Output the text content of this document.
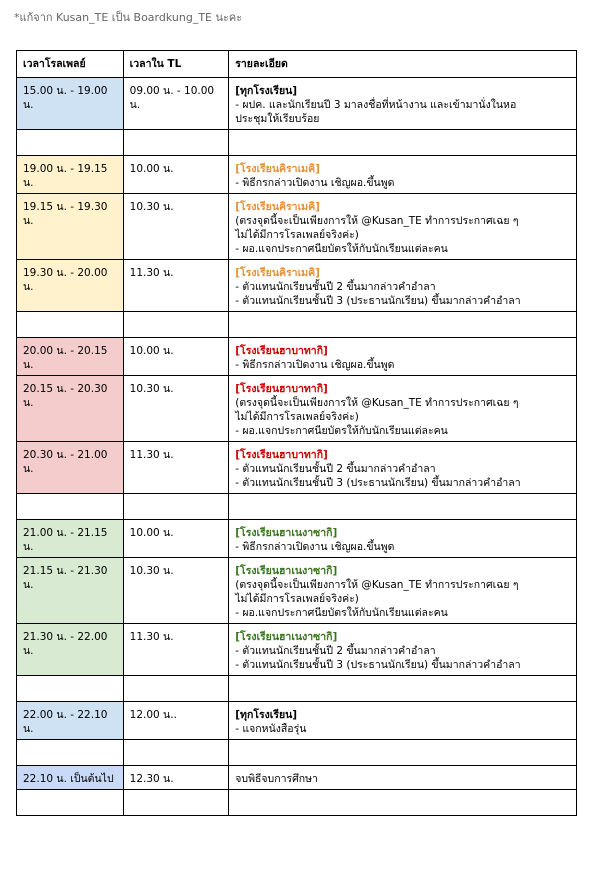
*แก้จาก Kusan_TE เป็น Boardkung_TE นะคะ
เวลาโรลเพลย์	เวลาใน TL	รายละเอียด
15.00 น. - 19.00 น.	09.00 น. - 10.00 น.	[ทุกโรงเรียน]
- ผปค. และนักเรียนปี 3 มาลงชื่อที่หน้างาน และเข้ามานั่งในหอ
ประชุมให้เรียบร้อย

19.00 น. - 19.15 น.	10.00 น.	[โรงเรียนคิราเมคิ]
- พิธีกรกล่าวเปิดงาน เชิญผอ.ขึ้นพูด

19.15 น. - 19.30 น.	10.30 น.	[โรงเรียนคิราเมคิ]
(ตรงจุดนี้จะเป็นเพียงการให้ @Kusan_TE ทำการประกาศเฉย ๆ
ไม่ได้มีการโรลเพลย์จริงค่ะ)
- ผอ.แจกประกาศนียบัตรให้กับนักเรียนแต่ละคน

19.30 น. - 20.00 น.	11.30 น.	[โรงเรียนคิราเมคิ]
- ตัวแทนนักเรียนชั้นปี 2 ขึ้นมากล่าวคำอำลา
- ตัวแทนนักเรียนชั้นปี 3 (ประธานนักเรียน) ขึ้นมากล่าวคำอำลา

20.00 น. - 20.15 น.	10.00 น.	[โรงเรียนฮาบาทากิ]
- พิธีกรกล่าวเปิดงาน เชิญผอ.ขึ้นพูด

20.15 น. - 20.30 น.	10.30 น.	[โรงเรียนฮาบาทากิ]
(ตรงจุดนี้จะเป็นเพียงการให้ @Kusan_TE ทำการประกาศเฉย ๆ
ไม่ได้มีการโรลเพลย์จริงค่ะ)
- ผอ.แจกประกาศนียบัตรให้กับนักเรียนแต่ละคน

20.30 น. - 21.00 น.	11.30 น.	[โรงเรียนฮาบาทากิ]
- ตัวแทนนักเรียนชั้นปี 2 ขึ้นมากล่าวคำอำลา
- ตัวแทนนักเรียนชั้นปี 3 (ประธานนักเรียน) ขึ้นมากล่าวคำอำลา

21.00 น. - 21.15 น.	10.00 น.	[โรงเรียนฮาเนงาซากิ]
- พิธีกรกล่าวเปิดงาน เชิญผอ.ขึ้นพูด

21.15 น. - 21.30 น.	10.30 น.	[โรงเรียนฮาเนงาซากิ]
(ตรงจุดนี้จะเป็นเพียงการให้ @Kusan_TE ทำการประกาศเฉย ๆ
ไม่ได้มีการโรลเพลย์จริงค่ะ)
- ผอ.แจกประกาศนียบัตรให้กับนักเรียนแต่ละคน

21.30 น. - 22.00 น.	11.30 น.	[โรงเรียนฮาเนงาซากิ]
- ตัวแทนนักเรียนชั้นปี 2 ขึ้นมากล่าวคำอำลา
- ตัวแทนนักเรียนชั้นปี 3 (ประธานนักเรียน) ขึ้นมากล่าวคำอำลา

22.00 น. - 22.10 น.	12.00 น..	[ทุกโรงเรียน]
- แจกหนังสือรุ่น

22.10 น. เป็นต้นไป	12.30 น.	จบพิธีจบการศึกษา
